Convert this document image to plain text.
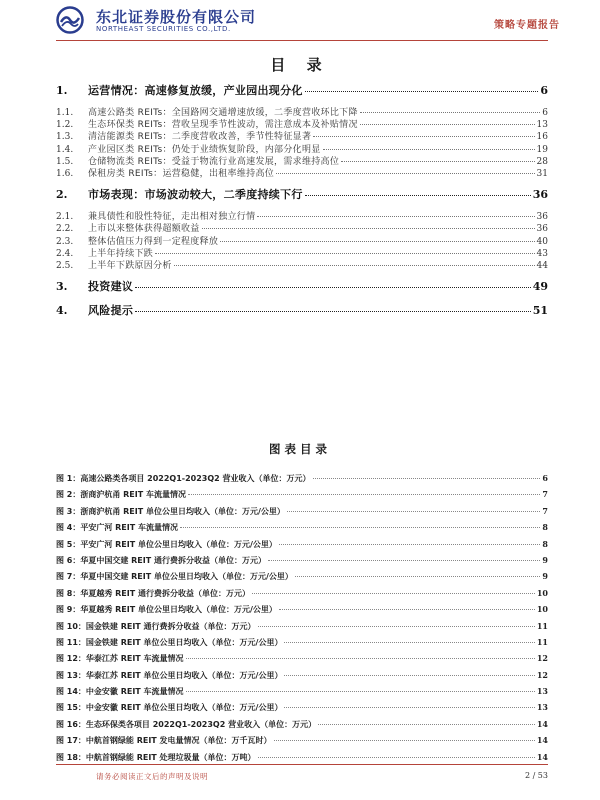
东北证券股份有限公司
NORTHEAST SECURITIES CO.,LTD.	策略专题报告
目 录
1.	运营情况：高速修复放缓，产业园出现分化	6
1.1.	高速公路类 REITs：全国路网交通增速放缓，二季度营收环比下降	6
1.2.	生态环保类 REITs：营收呈现季节性波动，需注意成本及补贴情况	13
1.3.	清洁能源类 REITs：二季度营收改善，季节性特征显著	16
1.4.	产业园区类 REITs：仍处于业绩恢复阶段，内部分化明显	19
1.5.	仓储物流类 REITs：受益于物流行业高速发展，需求维持高位	28
1.6.	保租房类 REITs：运营稳健，出租率维持高位	31
2.	市场表现：市场波动较大，二季度持续下行	36
2.1.	兼具债性和股性特征，走出相对独立行情	36
2.2.	上市以来整体获得超额收益	36
2.3.	整体估值压力得到一定程度释放	40
2.4.	上半年持续下跌	43
2.5.	上半年下跌原因分析	44
3.	投资建议	49
4.	风险提示	51
图表目录
图 1：高速公路类各项目 2022Q1-2023Q2 营业收入（单位：万元）	6
图 2：浙商沪杭甬 REIT 车流量情况	7
图 3：浙商沪杭甬 REIT 单位公里日均收入（单位：万元/公里）	7
图 4：平安广河 REIT 车流量情况	8
图 5：平安广河 REIT 单位公里日均收入（单位：万元/公里）	8
图 6：华夏中国交建 REIT 通行费拆分收益（单位：万元）	9
图 7：华夏中国交建 REIT 单位公里日均收入（单位：万元/公里）	9
图 8：华夏越秀 REIT 通行费拆分收益（单位：万元）	10
图 9：华夏越秀 REIT 单位公里日均收入（单位：万元/公里）	10
图 10：国金铁建 REIT 通行费拆分收益（单位：万元）	11
图 11：国金铁建 REIT 单位公里日均收入（单位：万元/公里）	11
图 12：华泰江苏 REIT 车流量情况	12
图 13：华泰江苏 REIT 单位公里日均收入（单位：万元/公里）	12
图 14：中金安徽 REIT 车流量情况	13
图 15：中金安徽 REIT 单位公里日均收入（单位：万元/公里）	13
图 16：生态环保类各项目 2022Q1-2023Q2 营业收入（单位：万元）	14
图 17：中航首钢绿能 REIT 发电量情况（单位：万千瓦时）	14
图 18：中航首钢绿能 REIT 处理垃圾量（单位：万吨）	14
请务必阅读正文后的声明及说明	2 / 53
